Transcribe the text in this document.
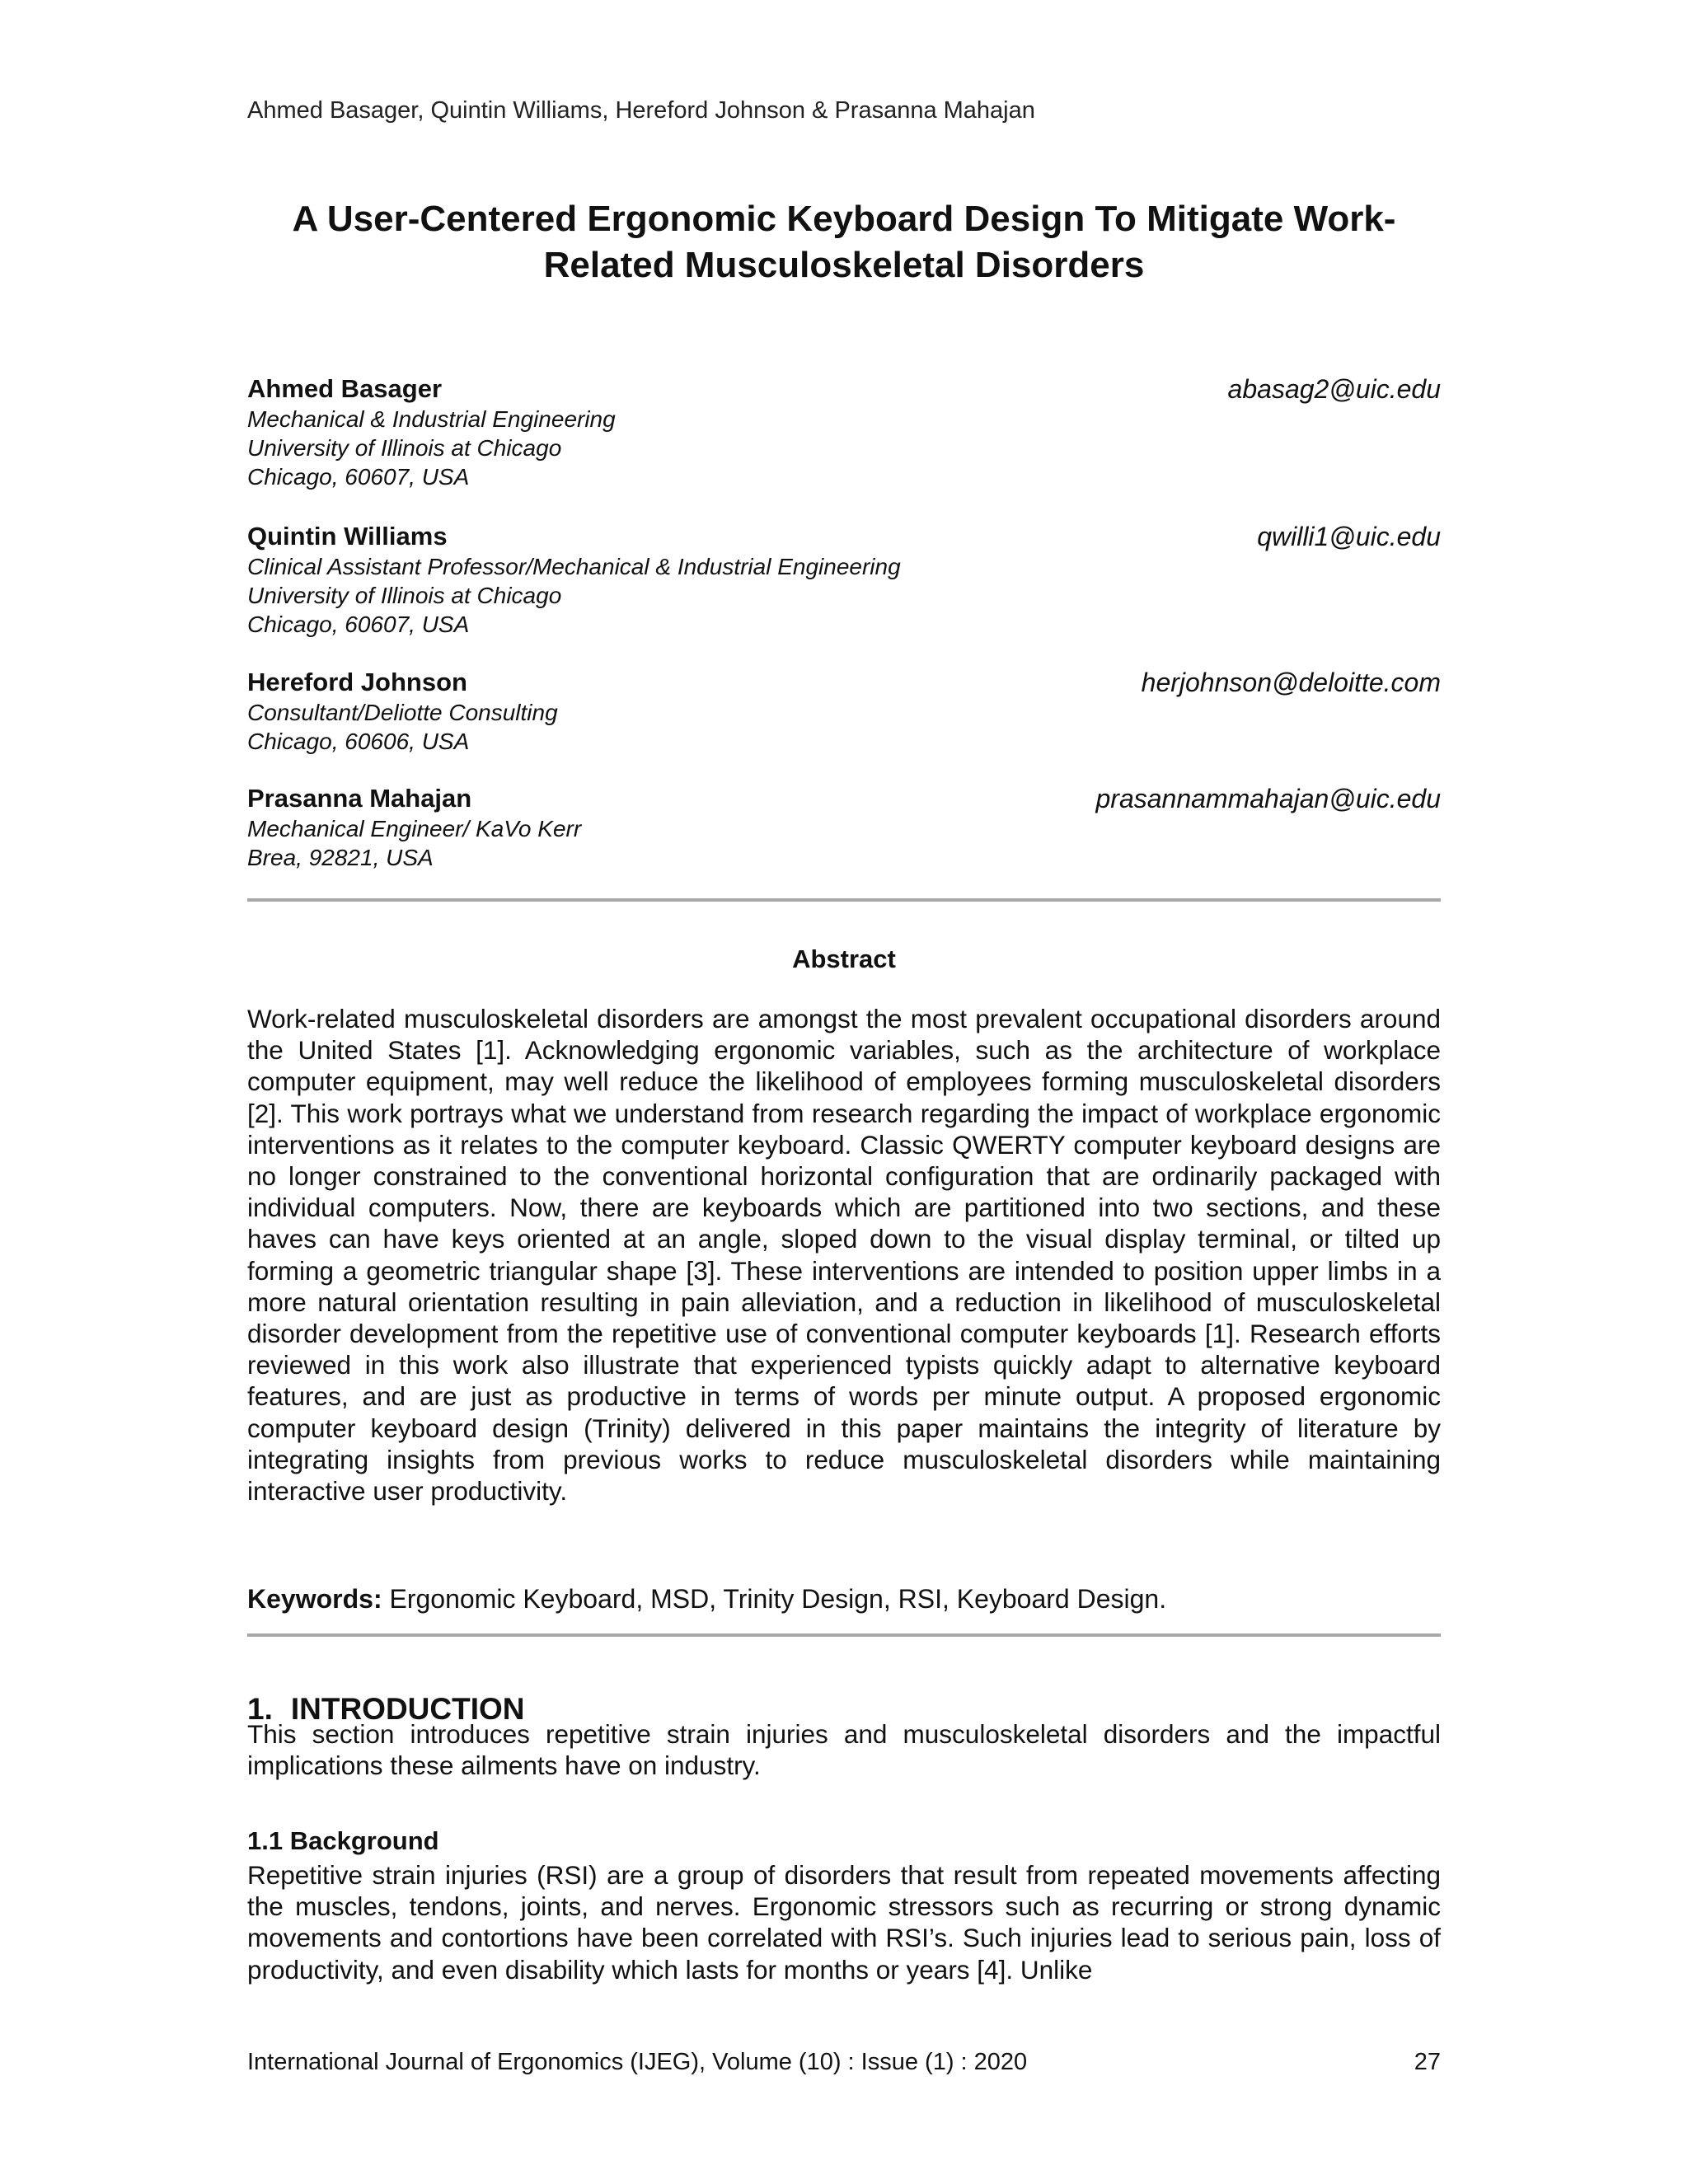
Ahmed Basager, Quintin Williams, Hereford Johnson & Prasanna Mahajan
A User-Centered Ergonomic Keyboard Design To Mitigate Work-
Related Musculoskeletal Disorders
Ahmed Basager	abasag2@uic.edu
Mechanical & Industrial Engineering
University of Illinois at Chicago
Chicago, 60607, USA
Quintin Williams	qwilli1@uic.edu
Clinical Assistant Professor/Mechanical & Industrial Engineering
University of Illinois at Chicago
Chicago, 60607, USA
Hereford Johnson	herjohnson@deloitte.com
Consultant/Deliotte Consulting
Chicago, 60606, USA
Prasanna Mahajan	prasannammahajan@uic.edu
Mechanical Engineer/ KaVo Kerr
Brea, 92821, USA
Abstract
Work-related musculoskeletal disorders are amongst the most prevalent occupational disorders around the United States [1]. Acknowledging ergonomic variables, such as the architecture of workplace computer equipment, may well reduce the likelihood of employees forming musculoskeletal disorders [2]. This work portrays what we understand from research regarding the impact of workplace ergonomic interventions as it relates to the computer keyboard. Classic QWERTY computer keyboard designs are no longer constrained to the conventional horizontal configuration that are ordinarily packaged with individual computers. Now, there are keyboards which are partitioned into two sections, and these haves can have keys oriented at an angle, sloped down to the visual display terminal, or tilted up forming a geometric triangular shape [3]. These interventions are intended to position upper limbs in a more natural orientation resulting in pain alleviation, and a reduction in likelihood of musculoskeletal disorder development from the repetitive use of conventional computer keyboards [1]. Research efforts reviewed in this work also illustrate that experienced typists quickly adapt to alternative keyboard features, and are just as productive in terms of words per minute output. A proposed ergonomic computer keyboard design (Trinity) delivered in this paper maintains the integrity of literature by integrating insights from previous works to reduce musculoskeletal disorders while maintaining interactive user productivity.
Keywords: Ergonomic Keyboard, MSD, Trinity Design, RSI, Keyboard Design.
1. INTRODUCTION
This section introduces repetitive strain injuries and musculoskeletal disorders and the impactful implications these ailments have on industry.
1.1 Background
Repetitive strain injuries (RSI) are a group of disorders that result from repeated movements affecting the muscles, tendons, joints, and nerves. Ergonomic stressors such as recurring or strong dynamic movements and contortions have been correlated with RSI’s. Such injuries lead to serious pain, loss of productivity, and even disability which lasts for months or years [4]. Unlike
International Journal of Ergonomics (IJEG), Volume (10) : Issue (1) : 2020	27
